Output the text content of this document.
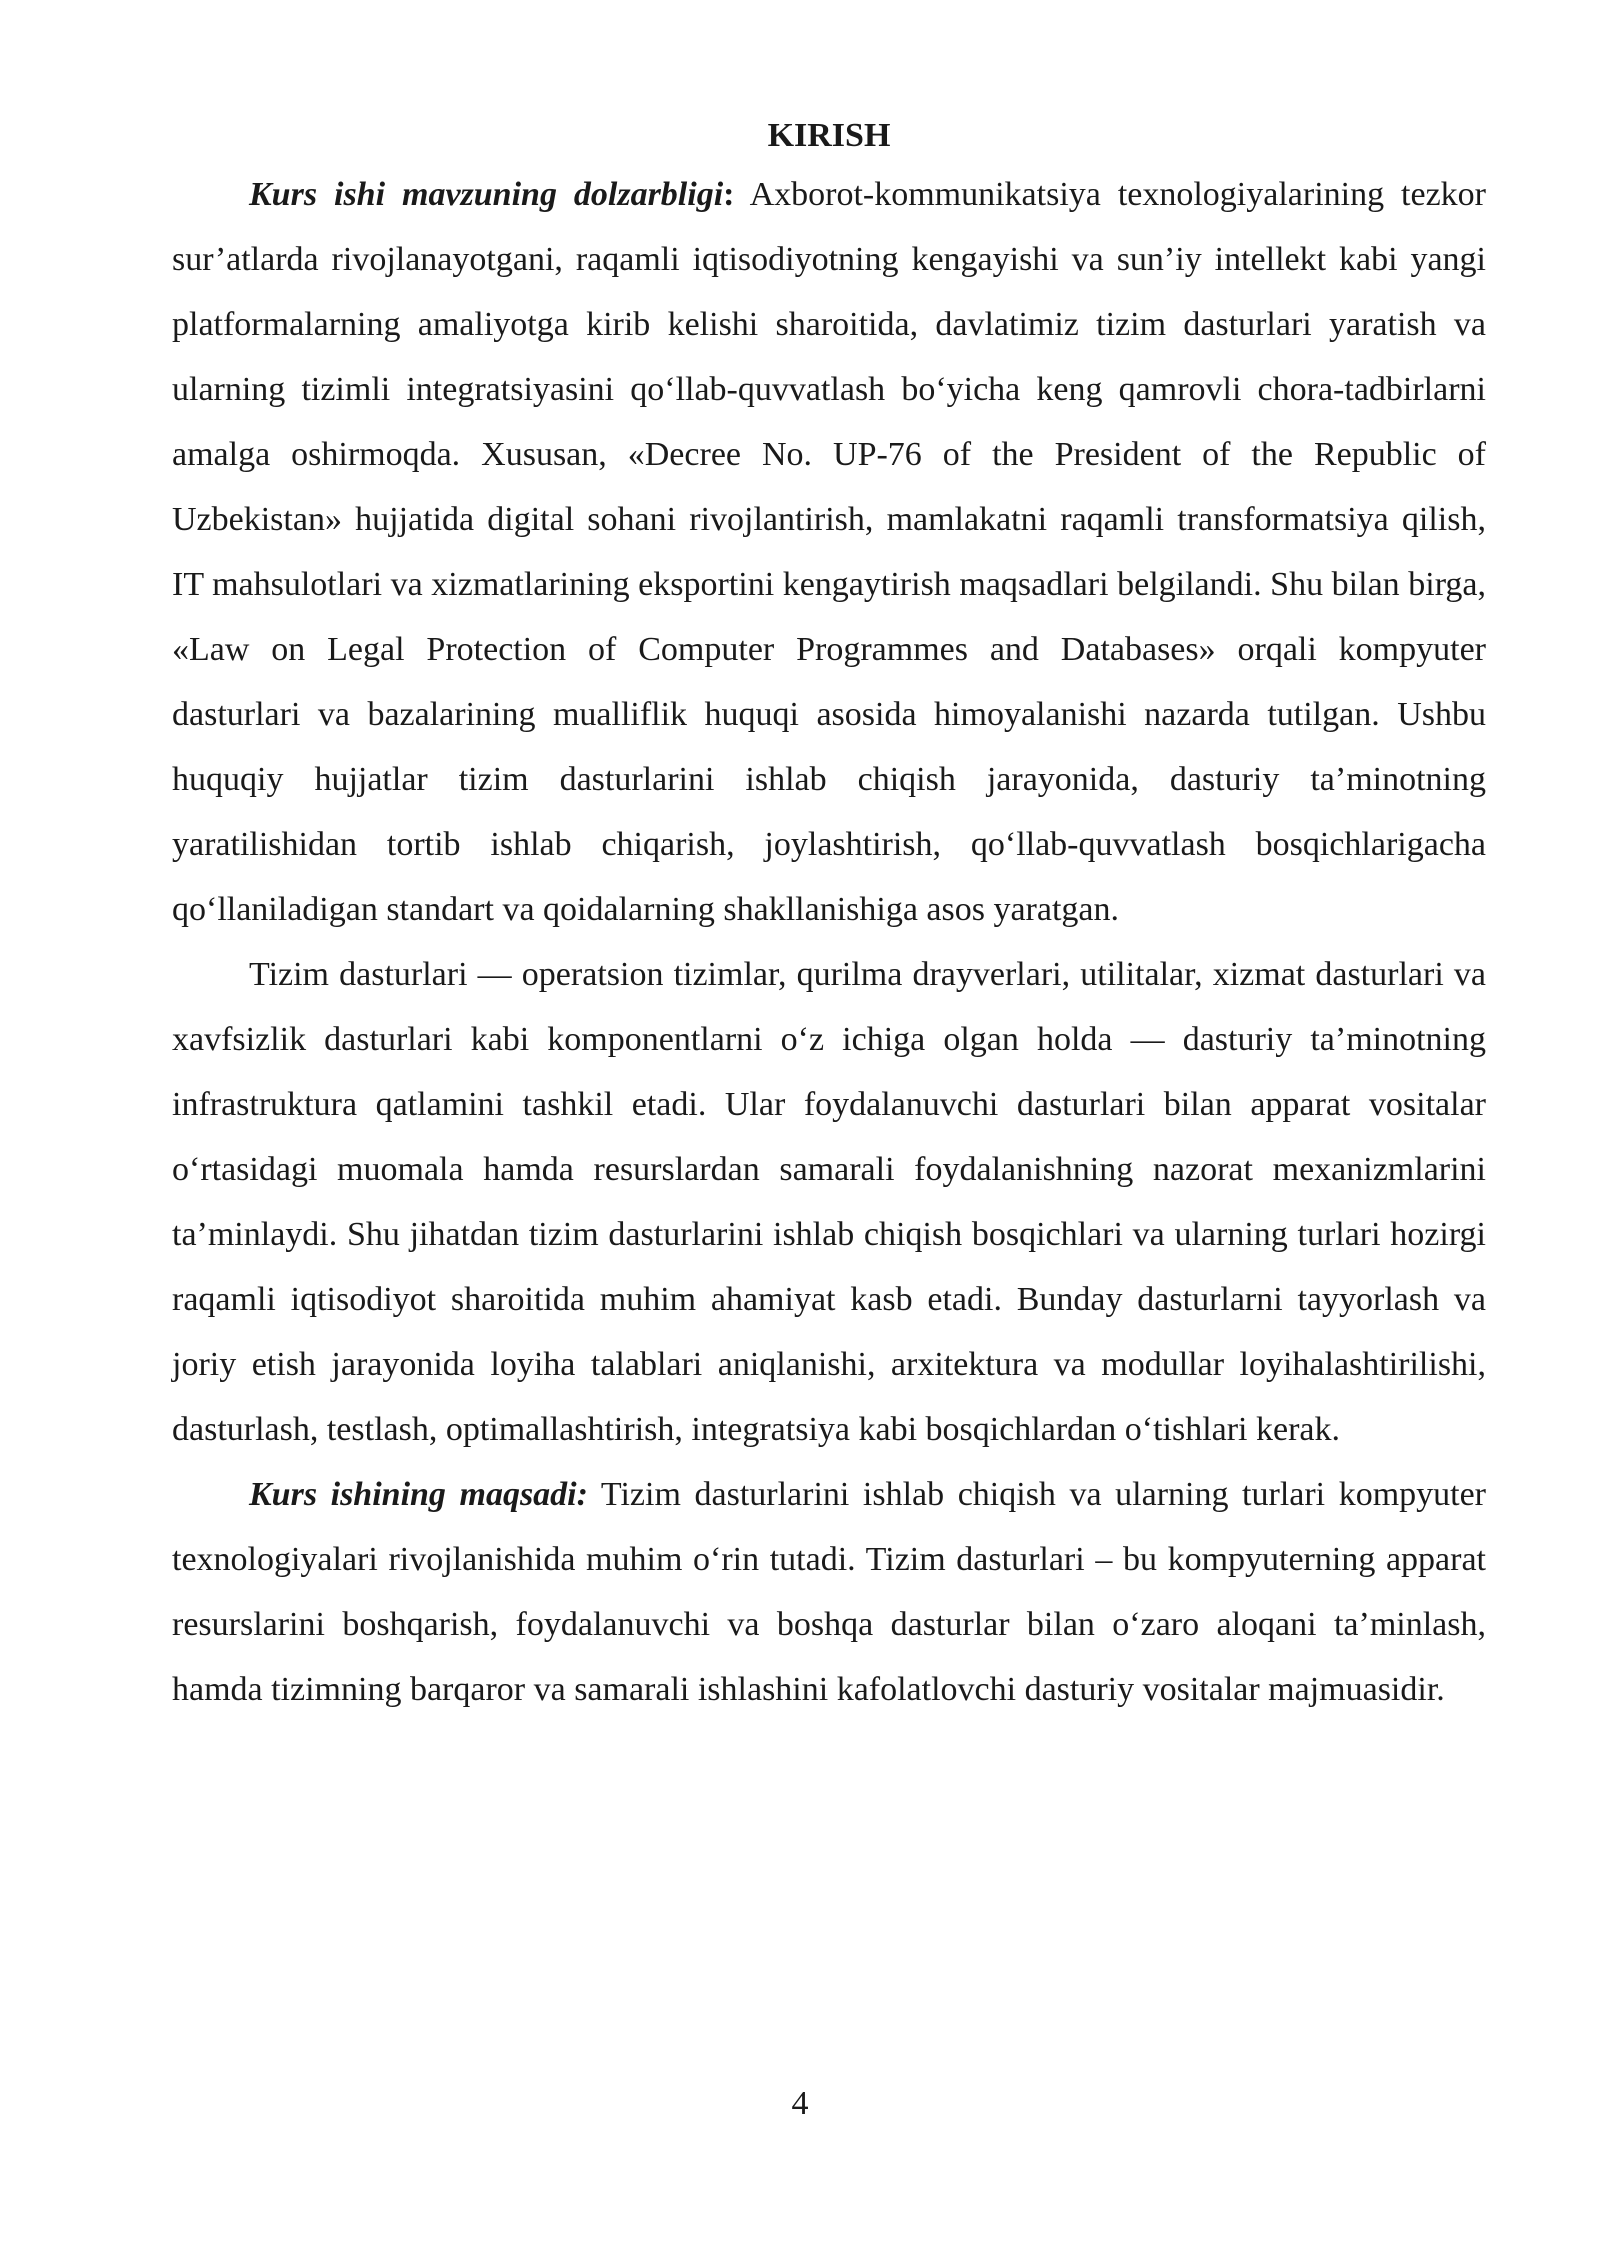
KIRISH

Kurs ishi mavzuning dolzarbligi: Axborot-kommunikatsiya texnologiyalarining tezkor sur’atlarda rivojlanayotgani, raqamli iqtisodiyotning kengayishi va sun’iy intellekt kabi yangi platformalarning amaliyotga kirib kelishi sharoitida, davlatimiz tizim dasturlari yaratish va ularning tizimli integratsiyasini qo‘llab-quvvatlash bo‘yicha keng qamrovli chora-tadbirlarni amalga oshirmoqda. Xususan, «Decree No. UP-76 of the President of the Republic of Uzbekistan» hujjatida digital sohani rivojlantirish, mamlakatni raqamli transformatsiya qilish, IT mahsulotlari va xizmatlarining eksportini kengaytirish maqsadlari belgilandi. Shu bilan birga, «Law on Legal Protection of Computer Programmes and Databases» orqali kompyuter dasturlari va bazalarining mualliflik huquqi asosida himoyalanishi nazarda tutilgan. Ushbu huquqiy hujjatlar tizim dasturlarini ishlab chiqish jarayonida, dasturiy ta’minotning yaratilishidan tortib ishlab chiqarish, joylashtirish, qo‘llab-quvvatlash bosqichlarigacha qo‘llaniladigan standart va qoidalarning shakllanishiga asos yaratgan.

Tizim dasturlari — operatsion tizimlar, qurilma drayverlari, utilitalar, xizmat dasturlari va xavfsizlik dasturlari kabi komponentlarni o‘z ichiga olgan holda — dasturiy ta’minotning infrastruktura qatlamini tashkil etadi. Ular foydalanuvchi dasturlari bilan apparat vositalar o‘rtasidagi muomala hamda resurslardan samarali foydalanishning nazorat mexanizmlarini ta’minlaydi. Shu jihatdan tizim dasturlarini ishlab chiqish bosqichlari va ularning turlari hozirgi raqamli iqtisodiyot sharoitida muhim ahamiyat kasb etadi. Bunday dasturlarni tayyorlash va joriy etish jarayonida loyiha talablari aniqlanishi, arxitektura va modullar loyihalashtirilishi, dasturlash, testlash, optimallashtirish, integratsiya kabi bosqichlardan o‘tishlari kerak.

Kurs ishining maqsadi: Tizim dasturlarini ishlab chiqish va ularning turlari kompyuter texnologiyalari rivojlanishida muhim o‘rin tutadi. Tizim dasturlari – bu kompyuterning apparat resurslarini boshqarish, foydalanuvchi va boshqa dasturlar bilan o‘zaro aloqani ta’minlash, hamda tizimning barqaror va samarali ishlashini kafolatlovchi dasturiy vositalar majmuasidir.

4
